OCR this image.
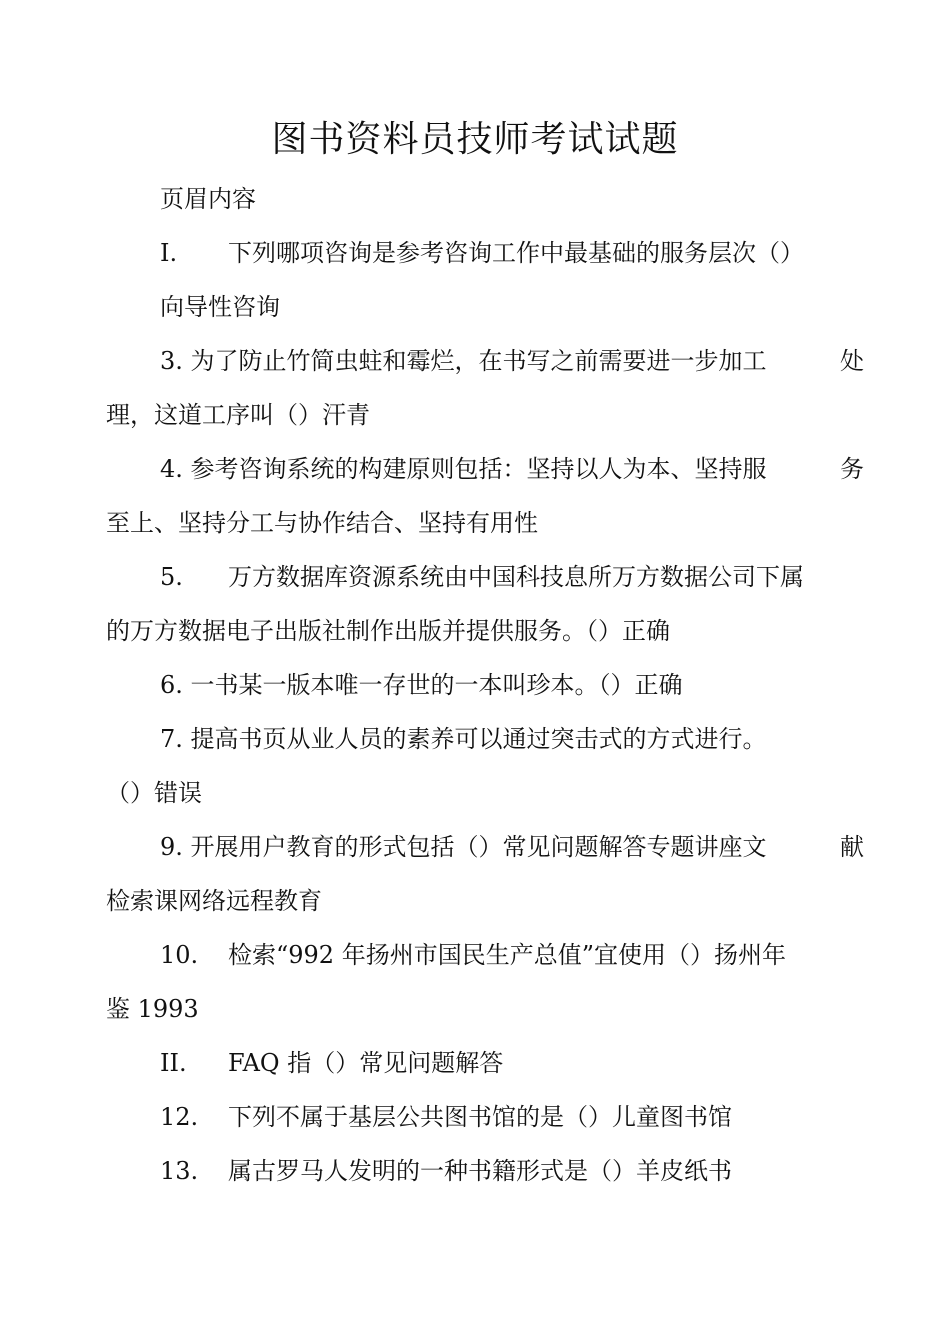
图书资料员技师考试试题
页眉内容
I. 下列哪项咨询是参考咨询工作中最基础的服务层次（）
向导性咨询
3. 为了防止竹简虫蛀和霉烂，在书写之前需要进一步加工	处
理，这道工序叫（）汗青
4. 参考咨询系统的构建原则包括：坚持以人为本、坚持服	务
至上、坚持分工与协作结合、坚持有用性
5. 万方数据库资源系统由中国科技息所万方数据公司下属
的万方数据电子出版社制作出版并提供服务。（）正确
6. 一书某一版本唯一存世的一本叫珍本。（）正确
7. 提高书页从业人员的素养可以通过突击式的方式进行。
（）错误
9. 开展用户教育的形式包括（）常见问题解答专题讲座文	献
检索课网络远程教育
10. 检索“992 年扬州市国民生产总值”宜使用（）扬州年
鉴 1993
II. FAQ 指（）常见问题解答
12. 下列不属于基层公共图书馆的是（）儿童图书馆
13. 属古罗马人发明的一种书籍形式是（）羊皮纸书
